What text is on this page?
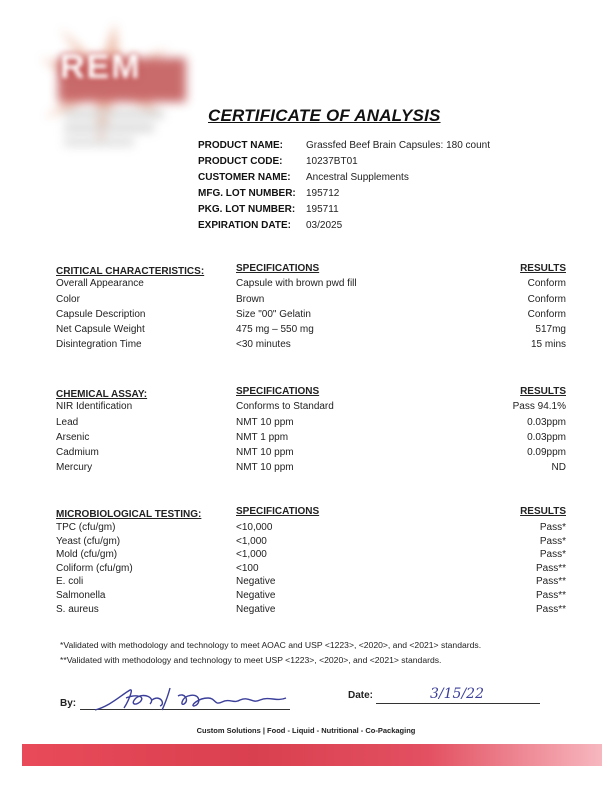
REM
CERTIFICATE OF ANALYSIS
PRODUCT NAME:	Grassfed Beef Brain Capsules: 180 count
PRODUCT CODE:	10237BT01
CUSTOMER NAME:	Ancestral Supplements
MFG. LOT NUMBER:	195712
PKG. LOT NUMBER:	195711
EXPIRATION DATE:	03/2025
CRITICAL CHARACTERISTICS:	SPECIFICATIONS	RESULTS
Overall Appearance	Capsule with brown pwd fill	Conform
Color	Brown	Conform
Capsule Description	Size "00" Gelatin	Conform
Net Capsule Weight	475 mg – 550 mg	517mg
Disintegration Time	<30 minutes	15 mins
CHEMICAL ASSAY:	SPECIFICATIONS	RESULTS
NIR Identification	Conforms to Standard	Pass 94.1%
Lead	NMT 10 ppm	0.03ppm
Arsenic	NMT 1 ppm	0.03ppm
Cadmium	NMT 10 ppm	0.09ppm
Mercury	NMT 10 ppm	ND
MICROBIOLOGICAL TESTING:	SPECIFICATIONS	RESULTS
TPC (cfu/gm)	<10,000	Pass*
Yeast (cfu/gm)	<1,000	Pass*
Mold (cfu/gm)	<1,000	Pass*
Coliform (cfu/gm)	<100	Pass**
E. coli	Negative	Pass**
Salmonella	Negative	Pass**
S. aureus	Negative	Pass**
*Validated with methodology and technology to meet AOAC and USP <1223>, <2020>, and <2021> standards.
**Validated with methodology and technology to meet USP <1223>, <2020>, and <2021> standards.
By:
Date:	3/15/22
Custom Solutions | Food - Liquid - Nutritional - Co-Packaging
